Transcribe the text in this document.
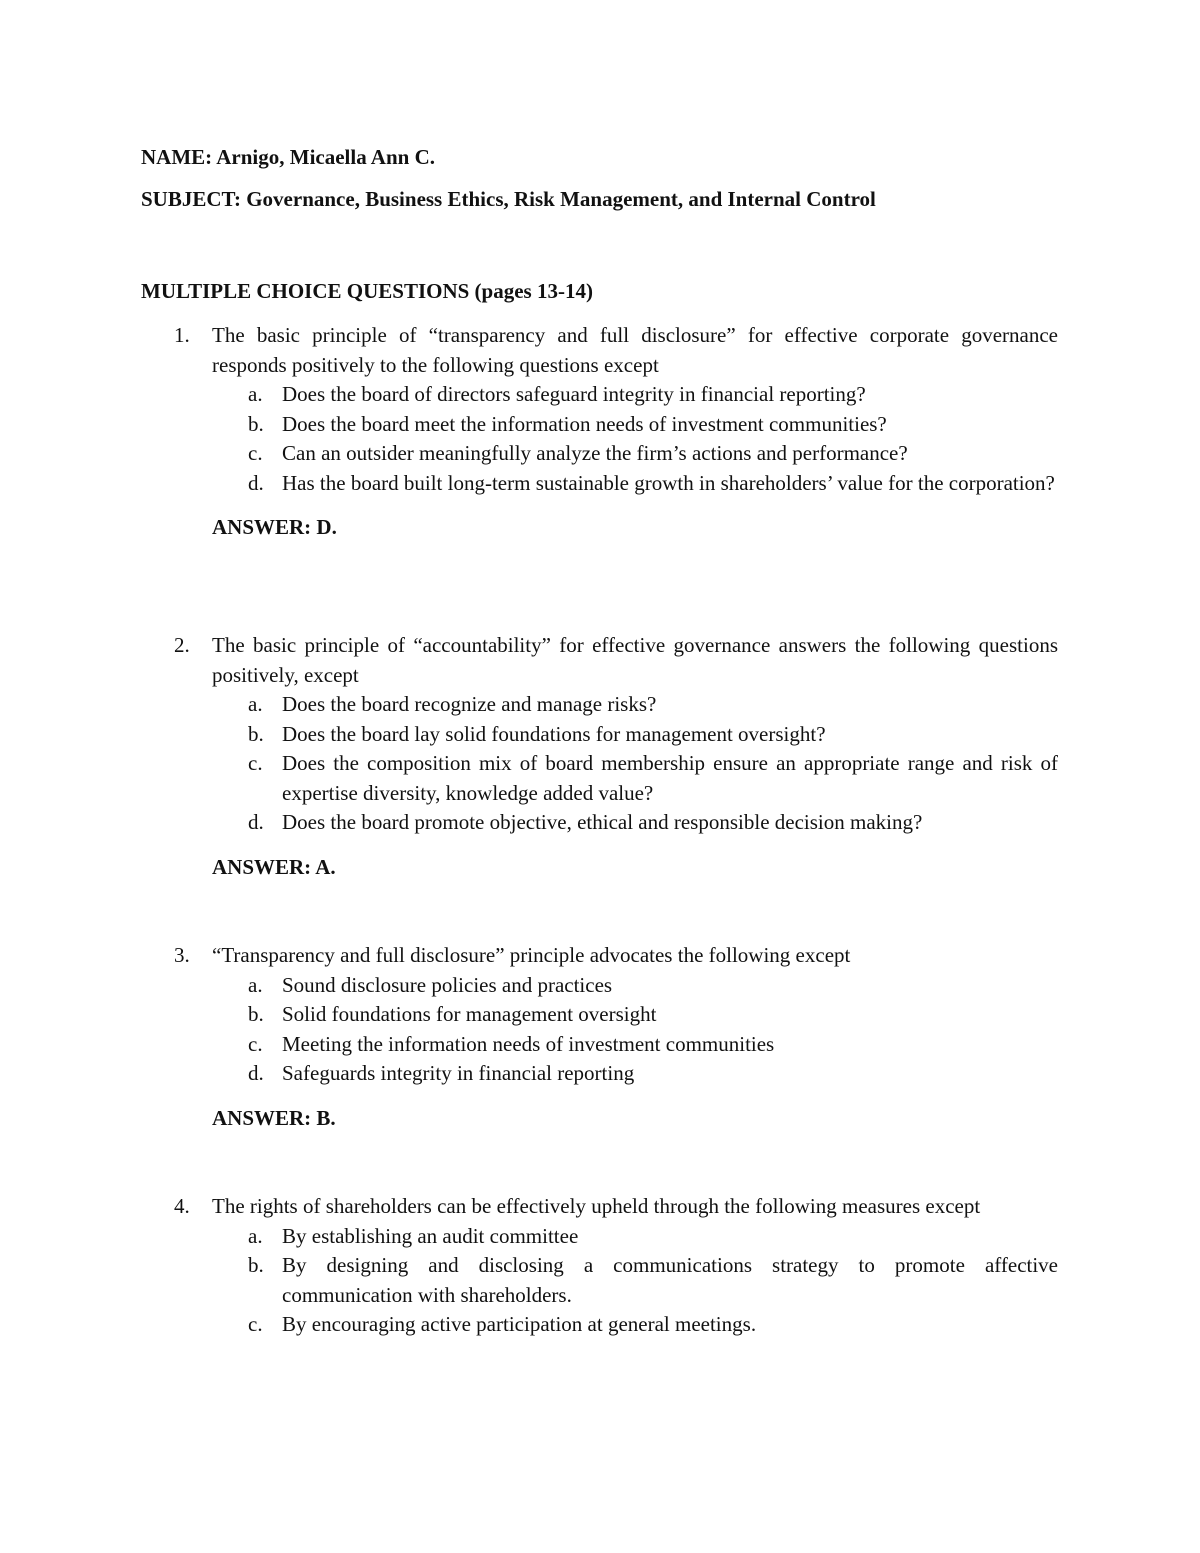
NAME: Arnigo, Micaella Ann C.
SUBJECT: Governance, Business Ethics, Risk Management, and Internal Control
MULTIPLE CHOICE QUESTIONS (pages 13-14)
1. The basic principle of “transparency and full disclosure” for effective corporate governance responds positively to the following questions except
a. Does the board of directors safeguard integrity in financial reporting?
b. Does the board meet the information needs of investment communities?
c. Can an outsider meaningfully analyze the firm’s actions and performance?
d. Has the board built long-term sustainable growth in shareholders’ value for the corporation?
ANSWER: D.
2. The basic principle of “accountability” for effective governance answers the following questions positively, except
a. Does the board recognize and manage risks?
b. Does the board lay solid foundations for management oversight?
c. Does the composition mix of board membership ensure an appropriate range and risk of expertise diversity, knowledge added value?
d. Does the board promote objective, ethical and responsible decision making?
ANSWER: A.
3. “Transparency and full disclosure” principle advocates the following except
a. Sound disclosure policies and practices
b. Solid foundations for management oversight
c. Meeting the information needs of investment communities
d. Safeguards integrity in financial reporting
ANSWER: B.
4. The rights of shareholders can be effectively upheld through the following measures except
a. By establishing an audit committee
b. By designing and disclosing a communications strategy to promote affective communication with shareholders.
c. By encouraging active participation at general meetings.
